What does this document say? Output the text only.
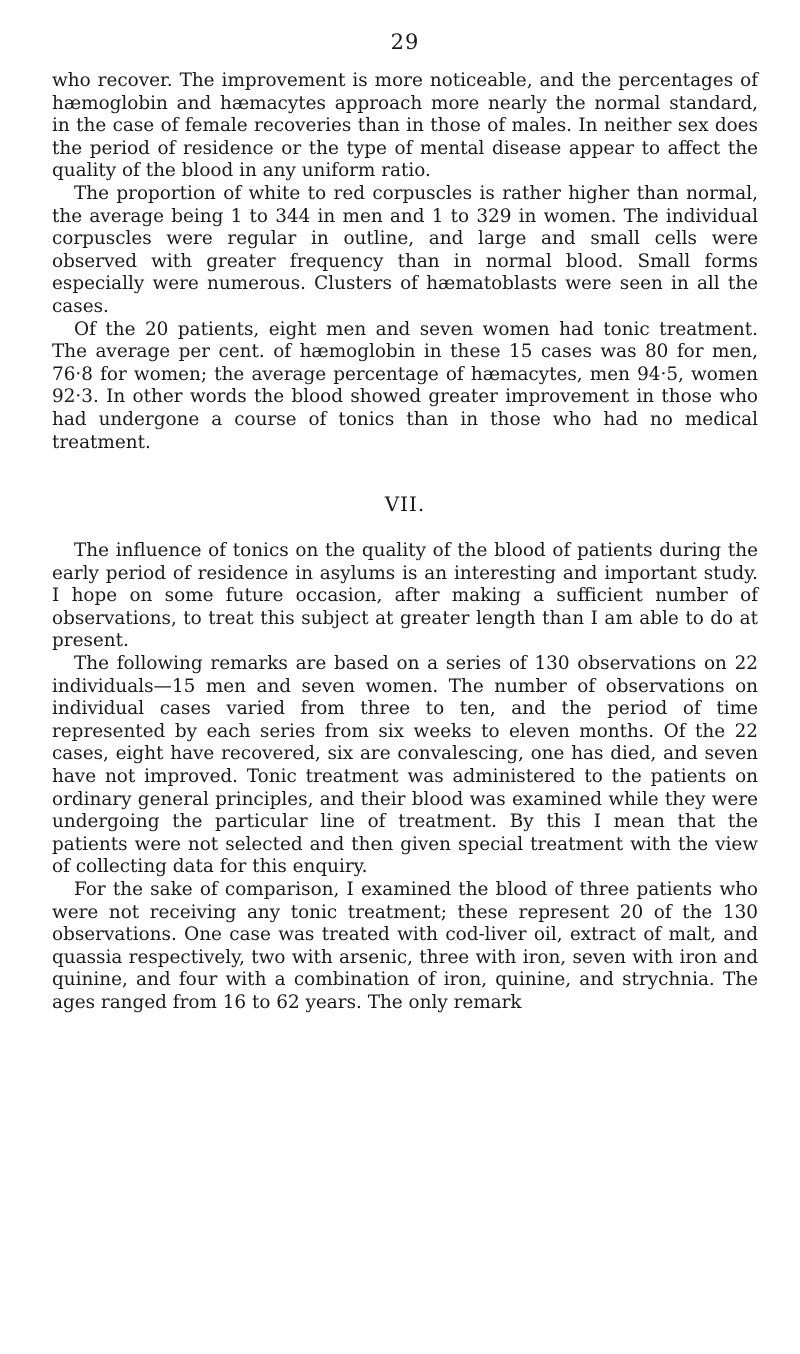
29

who recover. The improvement is more noticeable, and the percentages of hæmoglobin and hæmacytes approach more nearly the normal standard, in the case of female recoveries than in those of males. In neither sex does the period of residence or the type of mental disease appear to affect the quality of the blood in any uniform ratio.

The proportion of white to red corpuscles is rather higher than normal, the average being 1 to 344 in men and 1 to 329 in women. The individual corpuscles were regular in outline, and large and small cells were observed with greater frequency than in normal blood. Small forms especially were numerous. Clusters of hæmatoblasts were seen in all the cases.

Of the 20 patients, eight men and seven women had tonic treatment. The average per cent. of hæmoglobin in these 15 cases was 80 for men, 76·8 for women; the average percentage of hæmacytes, men 94·5, women 92·3. In other words the blood showed greater improvement in those who had undergone a course of tonics than in those who had no medical treatment.

VII.

The influence of tonics on the quality of the blood of patients during the early period of residence in asylums is an interesting and important study. I hope on some future occasion, after making a sufficient number of observations, to treat this subject at greater length than I am able to do at present.

The following remarks are based on a series of 130 observations on 22 individuals—15 men and seven women. The number of observations on individual cases varied from three to ten, and the period of time represented by each series from six weeks to eleven months. Of the 22 cases, eight have recovered, six are convalescing, one has died, and seven have not improved. Tonic treatment was administered to the patients on ordinary general principles, and their blood was examined while they were undergoing the particular line of treatment. By this I mean that the patients were not selected and then given special treatment with the view of collecting data for this enquiry.

For the sake of comparison, I examined the blood of three patients who were not receiving any tonic treatment; these represent 20 of the 130 observations. One case was treated with cod-liver oil, extract of malt, and quassia respectively, two with arsenic, three with iron, seven with iron and quinine, and four with a combination of iron, quinine, and strychnia. The ages ranged from 16 to 62 years. The only remark
